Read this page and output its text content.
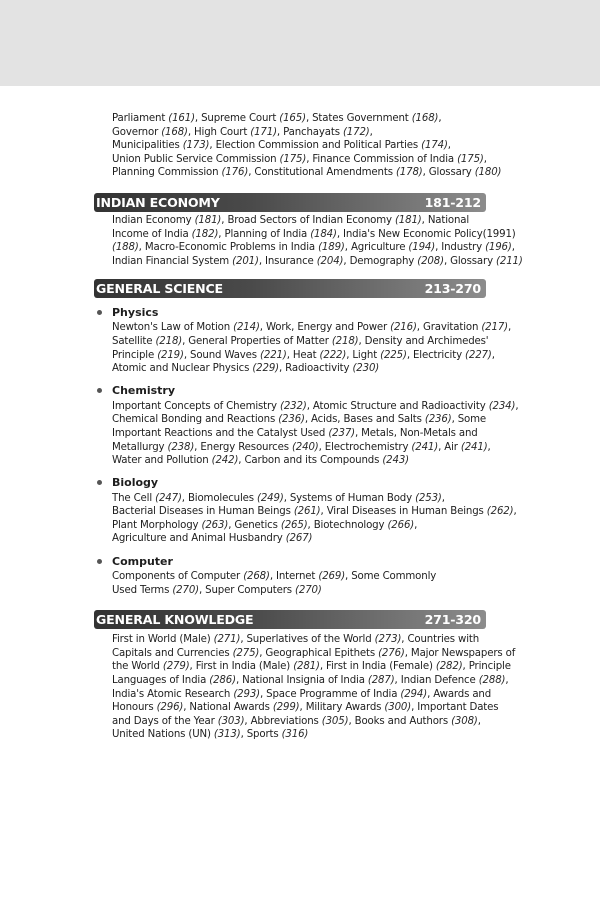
Parliament (161), Supreme Court (165), States Government (168),
Governor (168), High Court (171), Panchayats (172),
Municipalities (173), Election Commission and Political Parties (174),
Union Public Service Commission (175), Finance Commission of India (175),
Planning Commission (176), Constitutional Amendments (178), Glossary (180)
INDIAN ECONOMY	181-212
Indian Economy (181), Broad Sectors of Indian Economy (181), National
Income of India (182), Planning of India (184), India's New Economic Policy(1991)
(188), Macro-Economic Problems in India (189), Agriculture (194), Industry (196),
Indian Financial System (201), Insurance (204), Demography (208), Glossary (211)
GENERAL SCIENCE	213-270
Physics
Newton's Law of Motion (214), Work, Energy and Power (216), Gravitation (217),
Satellite (218), General Properties of Matter (218), Density and Archimedes'
Principle (219), Sound Waves (221), Heat (222), Light (225), Electricity (227),
Atomic and Nuclear Physics (229), Radioactivity (230)
Chemistry
Important Concepts of Chemistry (232), Atomic Structure and Radioactivity (234),
Chemical Bonding and Reactions (236), Acids, Bases and Salts (236), Some
Important Reactions and the Catalyst Used (237), Metals, Non-Metals and
Metallurgy (238), Energy Resources (240), Electrochemistry (241), Air (241),
Water and Pollution (242), Carbon and its Compounds (243)
Biology
The Cell (247), Biomolecules (249), Systems of Human Body (253),
Bacterial Diseases in Human Beings (261), Viral Diseases in Human Beings (262),
Plant Morphology (263), Genetics (265), Biotechnology (266),
Agriculture and Animal Husbandry (267)
Computer
Components of Computer (268), Internet (269), Some Commonly
Used Terms (270), Super Computers (270)
GENERAL KNOWLEDGE	271-320
First in World (Male) (271), Superlatives of the World (273), Countries with
Capitals and Currencies (275), Geographical Epithets (276), Major Newspapers of
the World (279), First in India (Male) (281), First in India (Female) (282), Principle
Languages of India (286), National Insignia of India (287), Indian Defence (288),
India's Atomic Research (293), Space Programme of India (294), Awards and
Honours (296), National Awards (299), Military Awards (300), Important Dates
and Days of the Year (303), Abbreviations (305), Books and Authors (308),
United Nations (UN) (313), Sports (316)
